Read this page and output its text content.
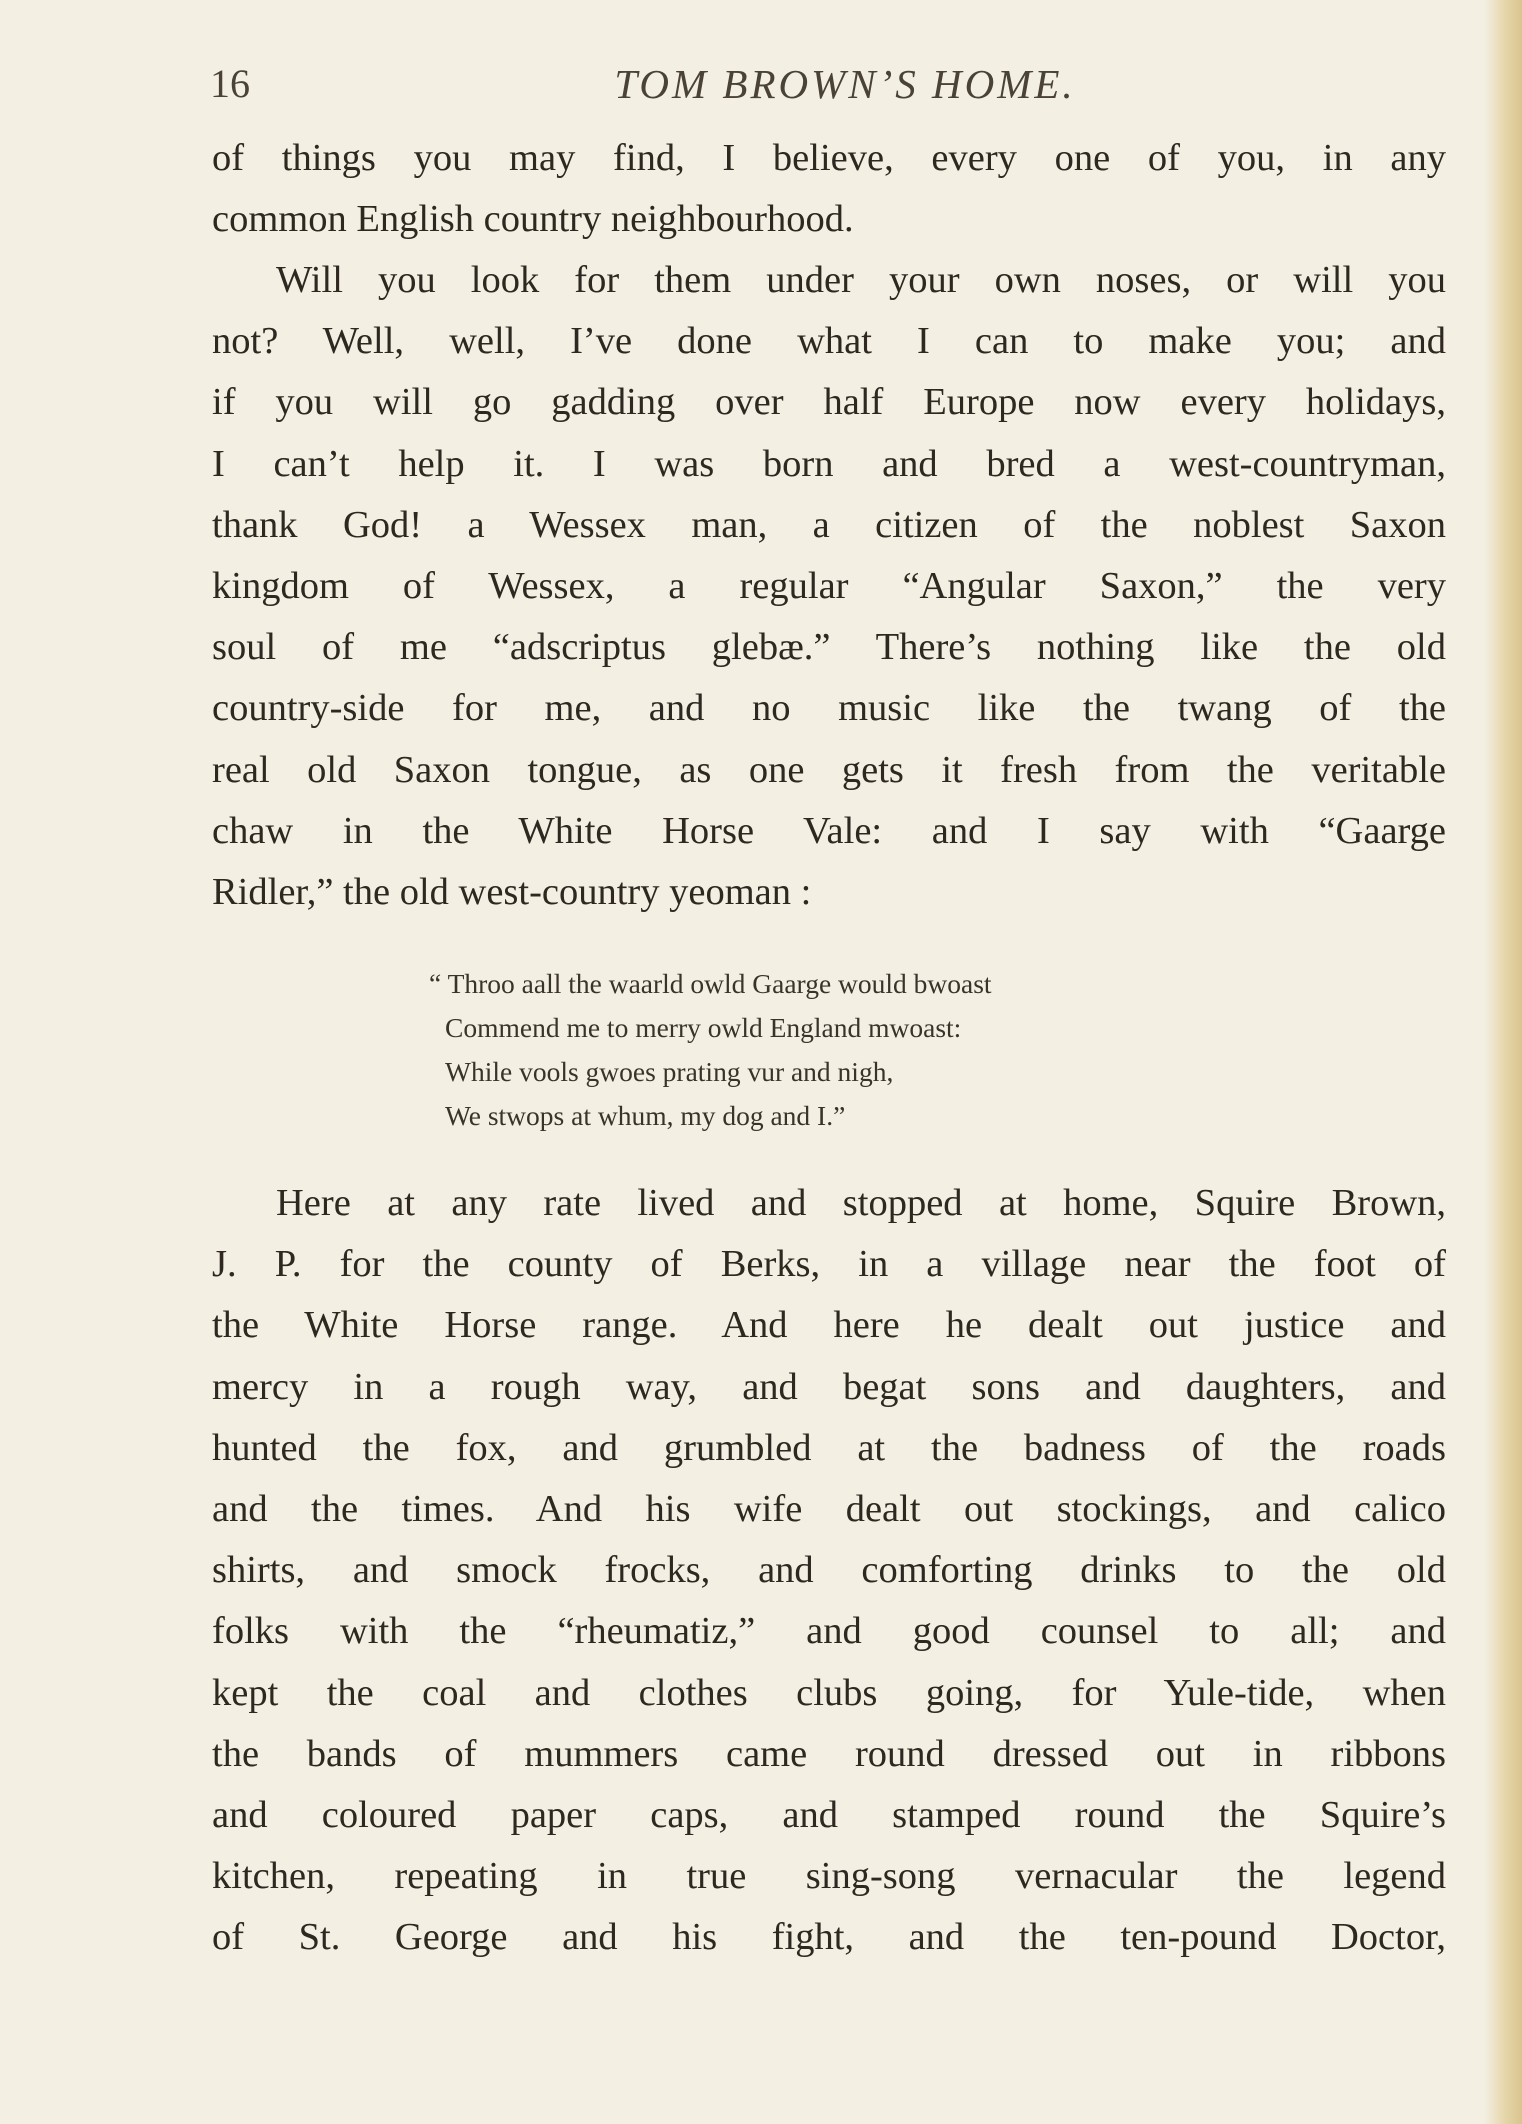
16	TOM BROWN’S HOME.
of things you may find, I believe, every one of you, in any
common English country neighbourhood.
Will you look for them under your own noses, or will you
not? Well, well, I’ve done what I can to make you; and
if you will go gadding over half Europe now every holidays,
I can’t help it. I was born and bred a west-countryman,
thank God! a Wessex man, a citizen of the noblest Saxon
kingdom of Wessex, a regular “Angular Saxon,” the very
soul of me “adscriptus glebæ.” There’s nothing like the old
country-side for me, and no music like the twang of the
real old Saxon tongue, as one gets it fresh from the veritable
chaw in the White Horse Vale: and I say with “Gaarge
Ridler,” the old west-country yeoman :
“ Throo aall the waarld owld Gaarge would bwoast
Commend me to merry owld England mwoast:
While vools gwoes prating vur and nigh,
We stwops at whum, my dog and I.”
Here at any rate lived and stopped at home, Squire Brown,
J. P. for the county of Berks, in a village near the foot of
the White Horse range. And here he dealt out justice and
mercy in a rough way, and begat sons and daughters, and
hunted the fox, and grumbled at the badness of the roads
and the times. And his wife dealt out stockings, and calico
shirts, and smock frocks, and comforting drinks to the old
folks with the “rheumatiz,” and good counsel to all; and
kept the coal and clothes clubs going, for Yule-tide, when
the bands of mummers came round dressed out in ribbons
and coloured paper caps, and stamped round the Squire’s
kitchen, repeating in true sing-song vernacular the legend
of St. George and his fight, and the ten-pound Doctor,
